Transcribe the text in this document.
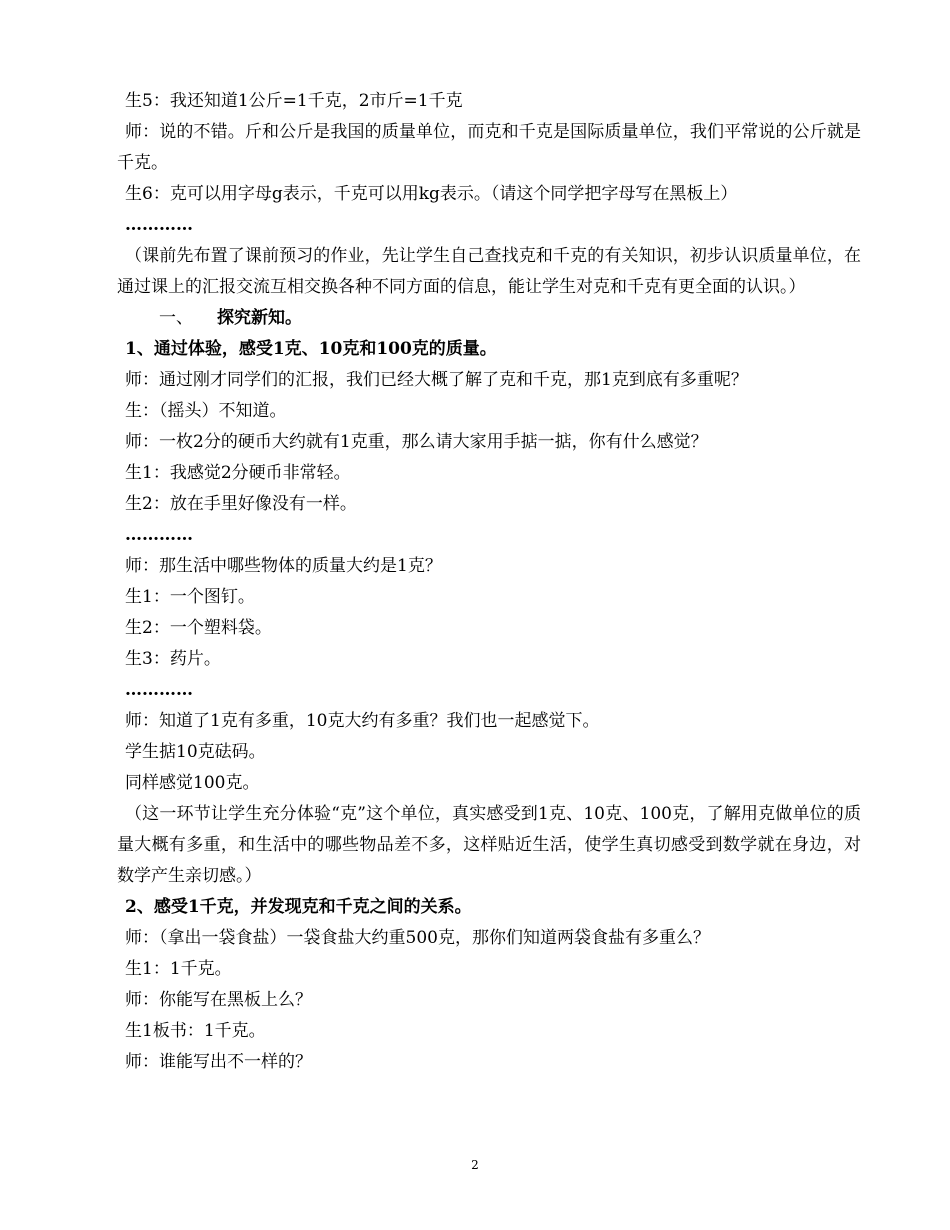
生5：我还知道1公斤=1千克，2市斤=1千克

师：说的不错。斤和公斤是我国的质量单位，而克和千克是国际质量单位，我们平常说的公斤就是千克。

生6：克可以用字母g表示，千克可以用kg表示。（请这个同学把字母写在黑板上）
…………

（课前先布置了课前预习的作业，先让学生自己查找克和千克的有关知识，初步认识质量单位，在通过课上的汇报交流互相交换各种不同方面的信息，能让学生对克和千克有更全面的认识。）

一、 探究新知。
1、通过体验，感受1克、10克和100克的质量。
师：通过刚才同学们的汇报，我们已经大概了解了克和千克，那1克到底有多重呢？
生：（摇头）不知道。
师：一枚2分的硬币大约就有1克重，那么请大家用手掂一掂，你有什么感觉？
生1：我感觉2分硬币非常轻。
生2：放在手里好像没有一样。
…………
师：那生活中哪些物体的质量大约是1克？
生1：一个图钉。
生2：一个塑料袋。
生3：药片。
…………
师：知道了1克有多重，10克大约有多重？我们也一起感觉下。
学生掂10克砝码。
同样感觉100克。

（这一环节让学生充分体验“克”这个单位，真实感受到1克、10克、100克，了解用克做单位的质量大概有多重，和生活中的哪些物品差不多，这样贴近生活，使学生真切感受到数学就在身边，对数学产生亲切感。）

2、感受1千克，并发现克和千克之间的关系。
师：（拿出一袋食盐）一袋食盐大约重500克，那你们知道两袋食盐有多重么？
生1：1千克。
师：你能写在黑板上么？
生1板书：1千克。
师：谁能写出不一样的？
2
